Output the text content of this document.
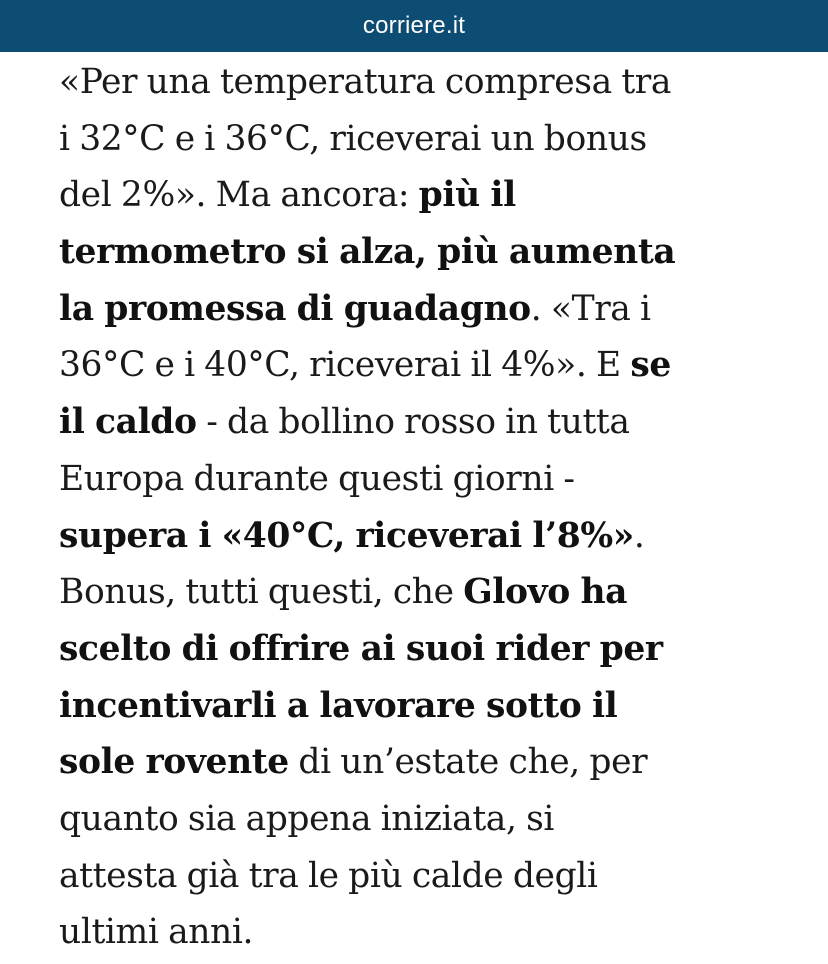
corriere.it
«Per una temperatura compresa tra
i 32°C e i 36°C, riceverai un bonus
del 2%». Ma ancora: più il
termometro si alza, più aumenta
la promessa di guadagno. «Tra i
36°C e i 40°C, riceverai il 4%». E se
il caldo - da bollino rosso in tutta
Europa durante questi giorni -
supera i «40°C, riceverai l’8%».
Bonus, tutti questi, che Glovo ha
scelto di offrire ai suoi rider per
incentivarli a lavorare sotto il
sole rovente di un’estate che, per
quanto sia appena iniziata, si
attesta già tra le più calde degli
ultimi anni.
